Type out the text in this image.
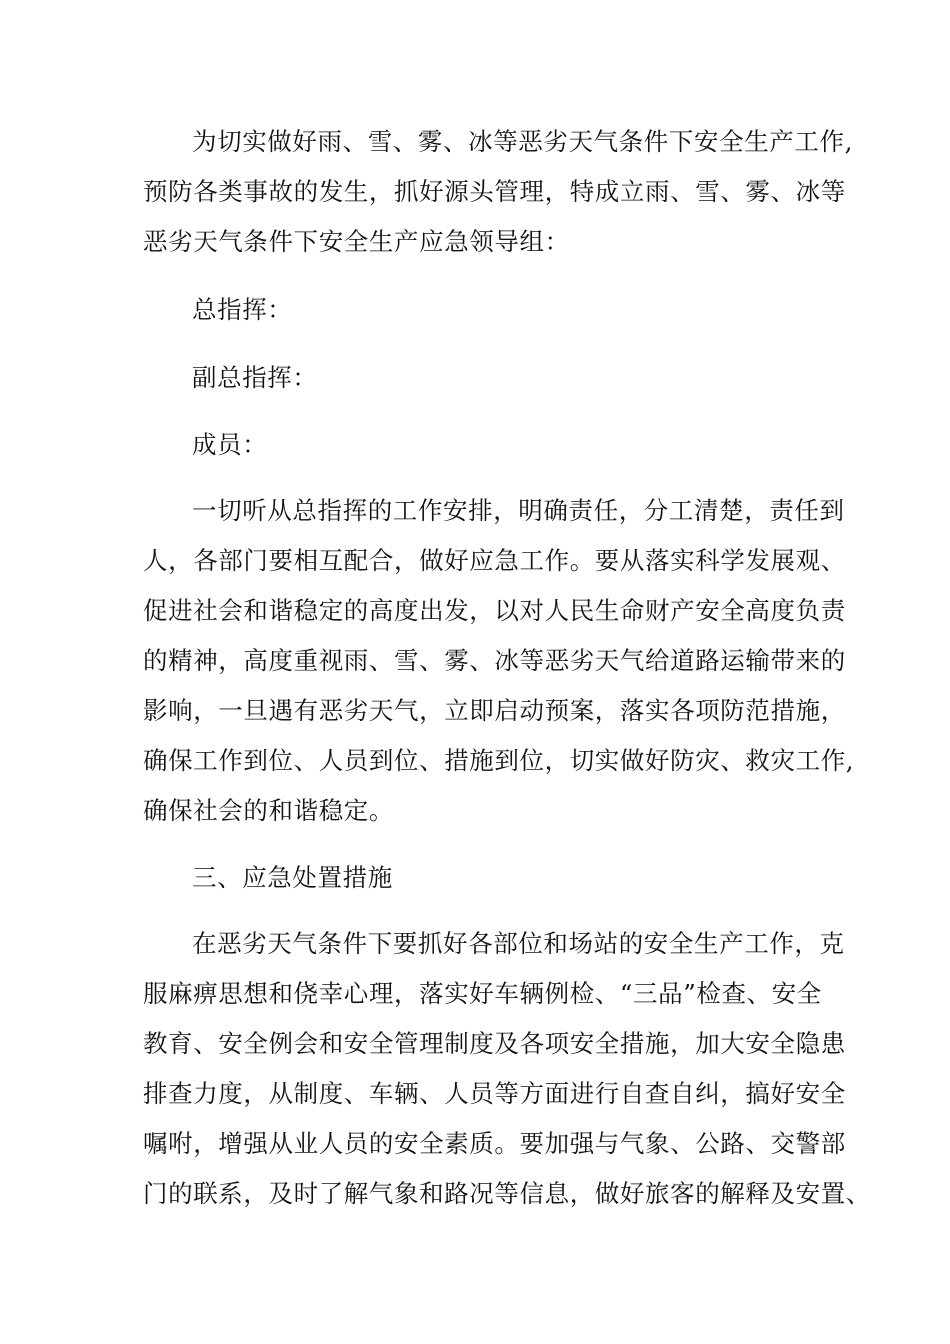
为切实做好雨、雪、雾、冰等恶劣天气条件下安全生产工作,
预防各类事故的发生，抓好源头管理，特成立雨、雪、雾、冰等
恶劣天气条件下安全生产应急领导组：
总指挥：
副总指挥：
成员：
一切听从总指挥的工作安排，明确责任，分工清楚，责任到
人，各部门要相互配合，做好应急工作。要从落实科学发展观、
促进社会和谐稳定的高度出发，以对人民生命财产安全高度负责
的精神，高度重视雨、雪、雾、冰等恶劣天气给道路运输带来的
影响，一旦遇有恶劣天气，立即启动预案，落实各项防范措施，
确保工作到位、人员到位、措施到位，切实做好防灾、救灾工作,
确保社会的和谐稳定。
三、应急处置措施
在恶劣天气条件下要抓好各部位和场站的安全生产工作，克
服麻痹思想和侥幸心理，落实好车辆例检、“三品”检查、安全
教育、安全例会和安全管理制度及各项安全措施，加大安全隐患
排查力度，从制度、车辆、人员等方面进行自查自纠，搞好安全
嘱咐，增强从业人员的安全素质。要加强与气象、公路、交警部
门的联系，及时了解气象和路况等信息，做好旅客的解释及安置、
